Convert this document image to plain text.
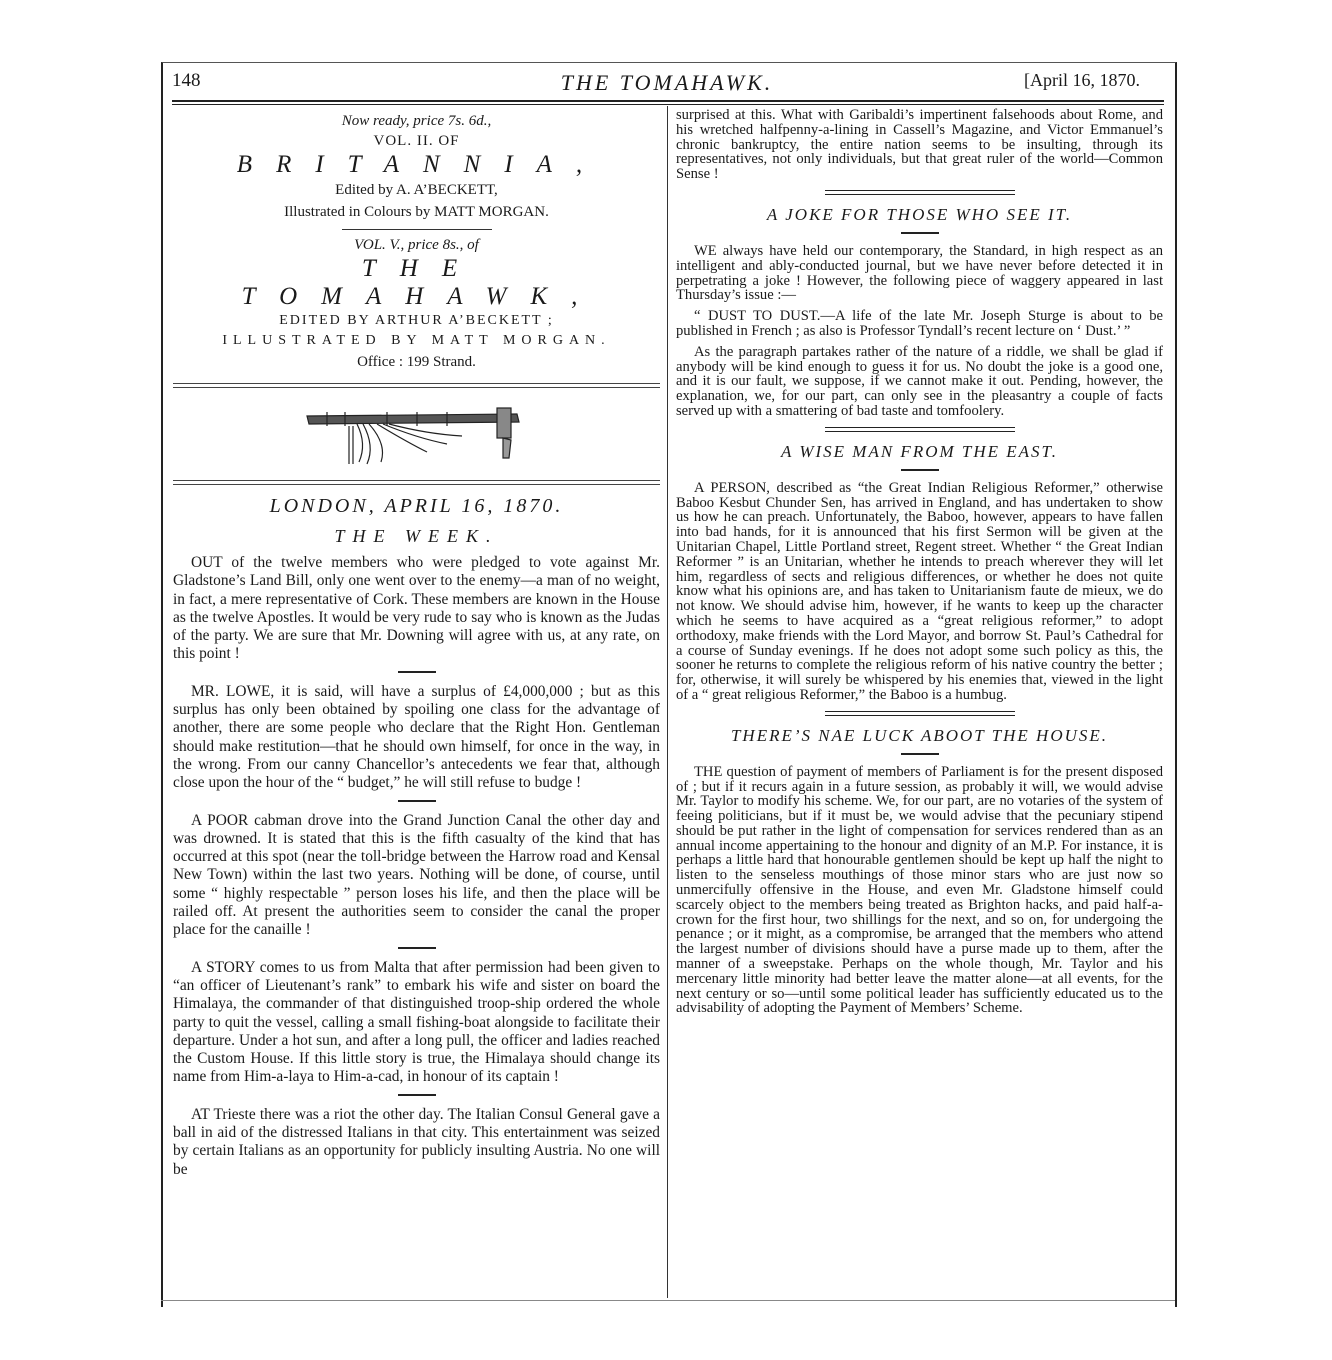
148	THE TOMAHAWK.	[April 16, 1870.
Now ready, price 7s. 6d.,
VOL. II. OF
BRITANNIA,
Edited by A. A’BECKETT,
Illustrated in Colours by MATT MORGAN.
VOL. V., price 8s., of
THE TOMAHAWK,
EDITED BY ARTHUR A’BECKETT ;
ILLUSTRATED BY MATT MORGAN.
Office : 199 Strand.
LONDON, APRIL 16, 1870.
THE WEEK.

OUT of the twelve members who were pledged to vote against Mr. Gladstone’s Land Bill, only one went over to the enemy—a man of no weight, in fact, a mere representative of Cork. These members are known in the House as the twelve Apostles. It would be very rude to say who is known as the Judas of the party. We are sure that Mr. Downing will agree with us, at any rate, on this point !

MR. LOWE, it is said, will have a surplus of £4,000,000 ; but as this surplus has only been obtained by spoiling one class for the advantage of another, there are some people who declare that the Right Hon. Gentleman should make restitution—that he should own himself, for once in the way, in the wrong. From our canny Chancellor’s antecedents we fear that, although close upon the hour of the “ budget,” he will still refuse to budge !

A POOR cabman drove into the Grand Junction Canal the other day and was drowned. It is stated that this is the fifth casualty of the kind that has occurred at this spot (near the toll-bridge between the Harrow road and Kensal New Town) within the last two years. Nothing will be done, of course, until some “ highly respectable ” person loses his life, and then the place will be railed off. At present the authorities seem to consider the canal the proper place for the canaille !

A STORY comes to us from Malta that after permission had been given to “an officer of Lieutenant’s rank” to embark his wife and sister on board the Himalaya, the commander of that distinguished troop-ship ordered the whole party to quit the vessel, calling a small fishing-boat alongside to facilitate their departure. Under a hot sun, and after a long pull, the officer and ladies reached the Custom House. If this little story is true, the Himalaya should change its name from Him-a-laya to Him-a-cad, in honour of its captain !

AT Trieste there was a riot the other day. The Italian Consul General gave a ball in aid of the distressed Italians in that city. This entertainment was seized by certain Italians as an opportunity for publicly insulting Austria. No one will be

surprised at this. What with Garibaldi’s impertinent falsehoods about Rome, and his wretched halfpenny-a-lining in Cassell’s Magazine, and Victor Emmanuel’s chronic bankruptcy, the entire nation seems to be insulting, through its representatives, not only individuals, but that great ruler of the world—Common Sense !

A JOKE FOR THOSE WHO SEE IT.

WE always have held our contemporary, the Standard, in high respect as an intelligent and ably-conducted journal, but we have never before detected it in perpetrating a joke ! However, the following piece of waggery appeared in last Thursday’s issue :—

“ DUST TO DUST.—A life of the late Mr. Joseph Sturge is about to be published in French ; as also is Professor Tyndall’s recent lecture on ‘ Dust.’ ”

As the paragraph partakes rather of the nature of a riddle, we shall be glad if anybody will be kind enough to guess it for us. No doubt the joke is a good one, and it is our fault, we suppose, if we cannot make it out. Pending, however, the explanation, we, for our part, can only see in the pleasantry a couple of facts served up with a smattering of bad taste and tomfoolery.

A WISE MAN FROM THE EAST.

A PERSON, described as “the Great Indian Religious Reformer,” otherwise Baboo Kesbut Chunder Sen, has arrived in England, and has undertaken to show us how he can preach. Unfortunately, the Baboo, however, appears to have fallen into bad hands, for it is announced that his first Sermon will be given at the Unitarian Chapel, Little Portland street, Regent street. Whether “ the Great Indian Reformer ” is an Unitarian, whether he intends to preach wherever they will let him, regardless of sects and religious differences, or whether he does not quite know what his opinions are, and has taken to Unitarianism faute de mieux, we do not know. We should advise him, however, if he wants to keep up the character which he seems to have acquired as a “great religious reformer,” to adopt orthodoxy, make friends with the Lord Mayor, and borrow St. Paul’s Cathedral for a course of Sunday evenings. If he does not adopt some such policy as this, the sooner he returns to complete the religious reform of his native country the better ; for, otherwise, it will surely be whispered by his enemies that, viewed in the light of a “ great religious Reformer,” the Baboo is a humbug.

THERE’S NAE LUCK ABOOT THE HOUSE.

THE question of payment of members of Parliament is for the present disposed of ; but if it recurs again in a future session, as probably it will, we would advise Mr. Taylor to modify his scheme. We, for our part, are no votaries of the system of feeing politicians, but if it must be, we would advise that the pecuniary stipend should be put rather in the light of compensation for services rendered than as an annual income appertaining to the honour and dignity of an M.P. For instance, it is perhaps a little hard that honourable gentlemen should be kept up half the night to listen to the senseless mouthings of those minor stars who are just now so unmercifully offensive in the House, and even Mr. Gladstone himself could scarcely object to the members being treated as Brighton hacks, and paid half-a-crown for the first hour, two shillings for the next, and so on, for undergoing the penance ; or it might, as a compromise, be arranged that the members who attend the largest number of divisions should have a purse made up to them, after the manner of a sweepstake. Perhaps on the whole though, Mr. Taylor and his mercenary little minority had better leave the matter alone—at all events, for the next century or so—until some political leader has sufficiently educated us to the advisability of adopting the Payment of Members’ Scheme.
